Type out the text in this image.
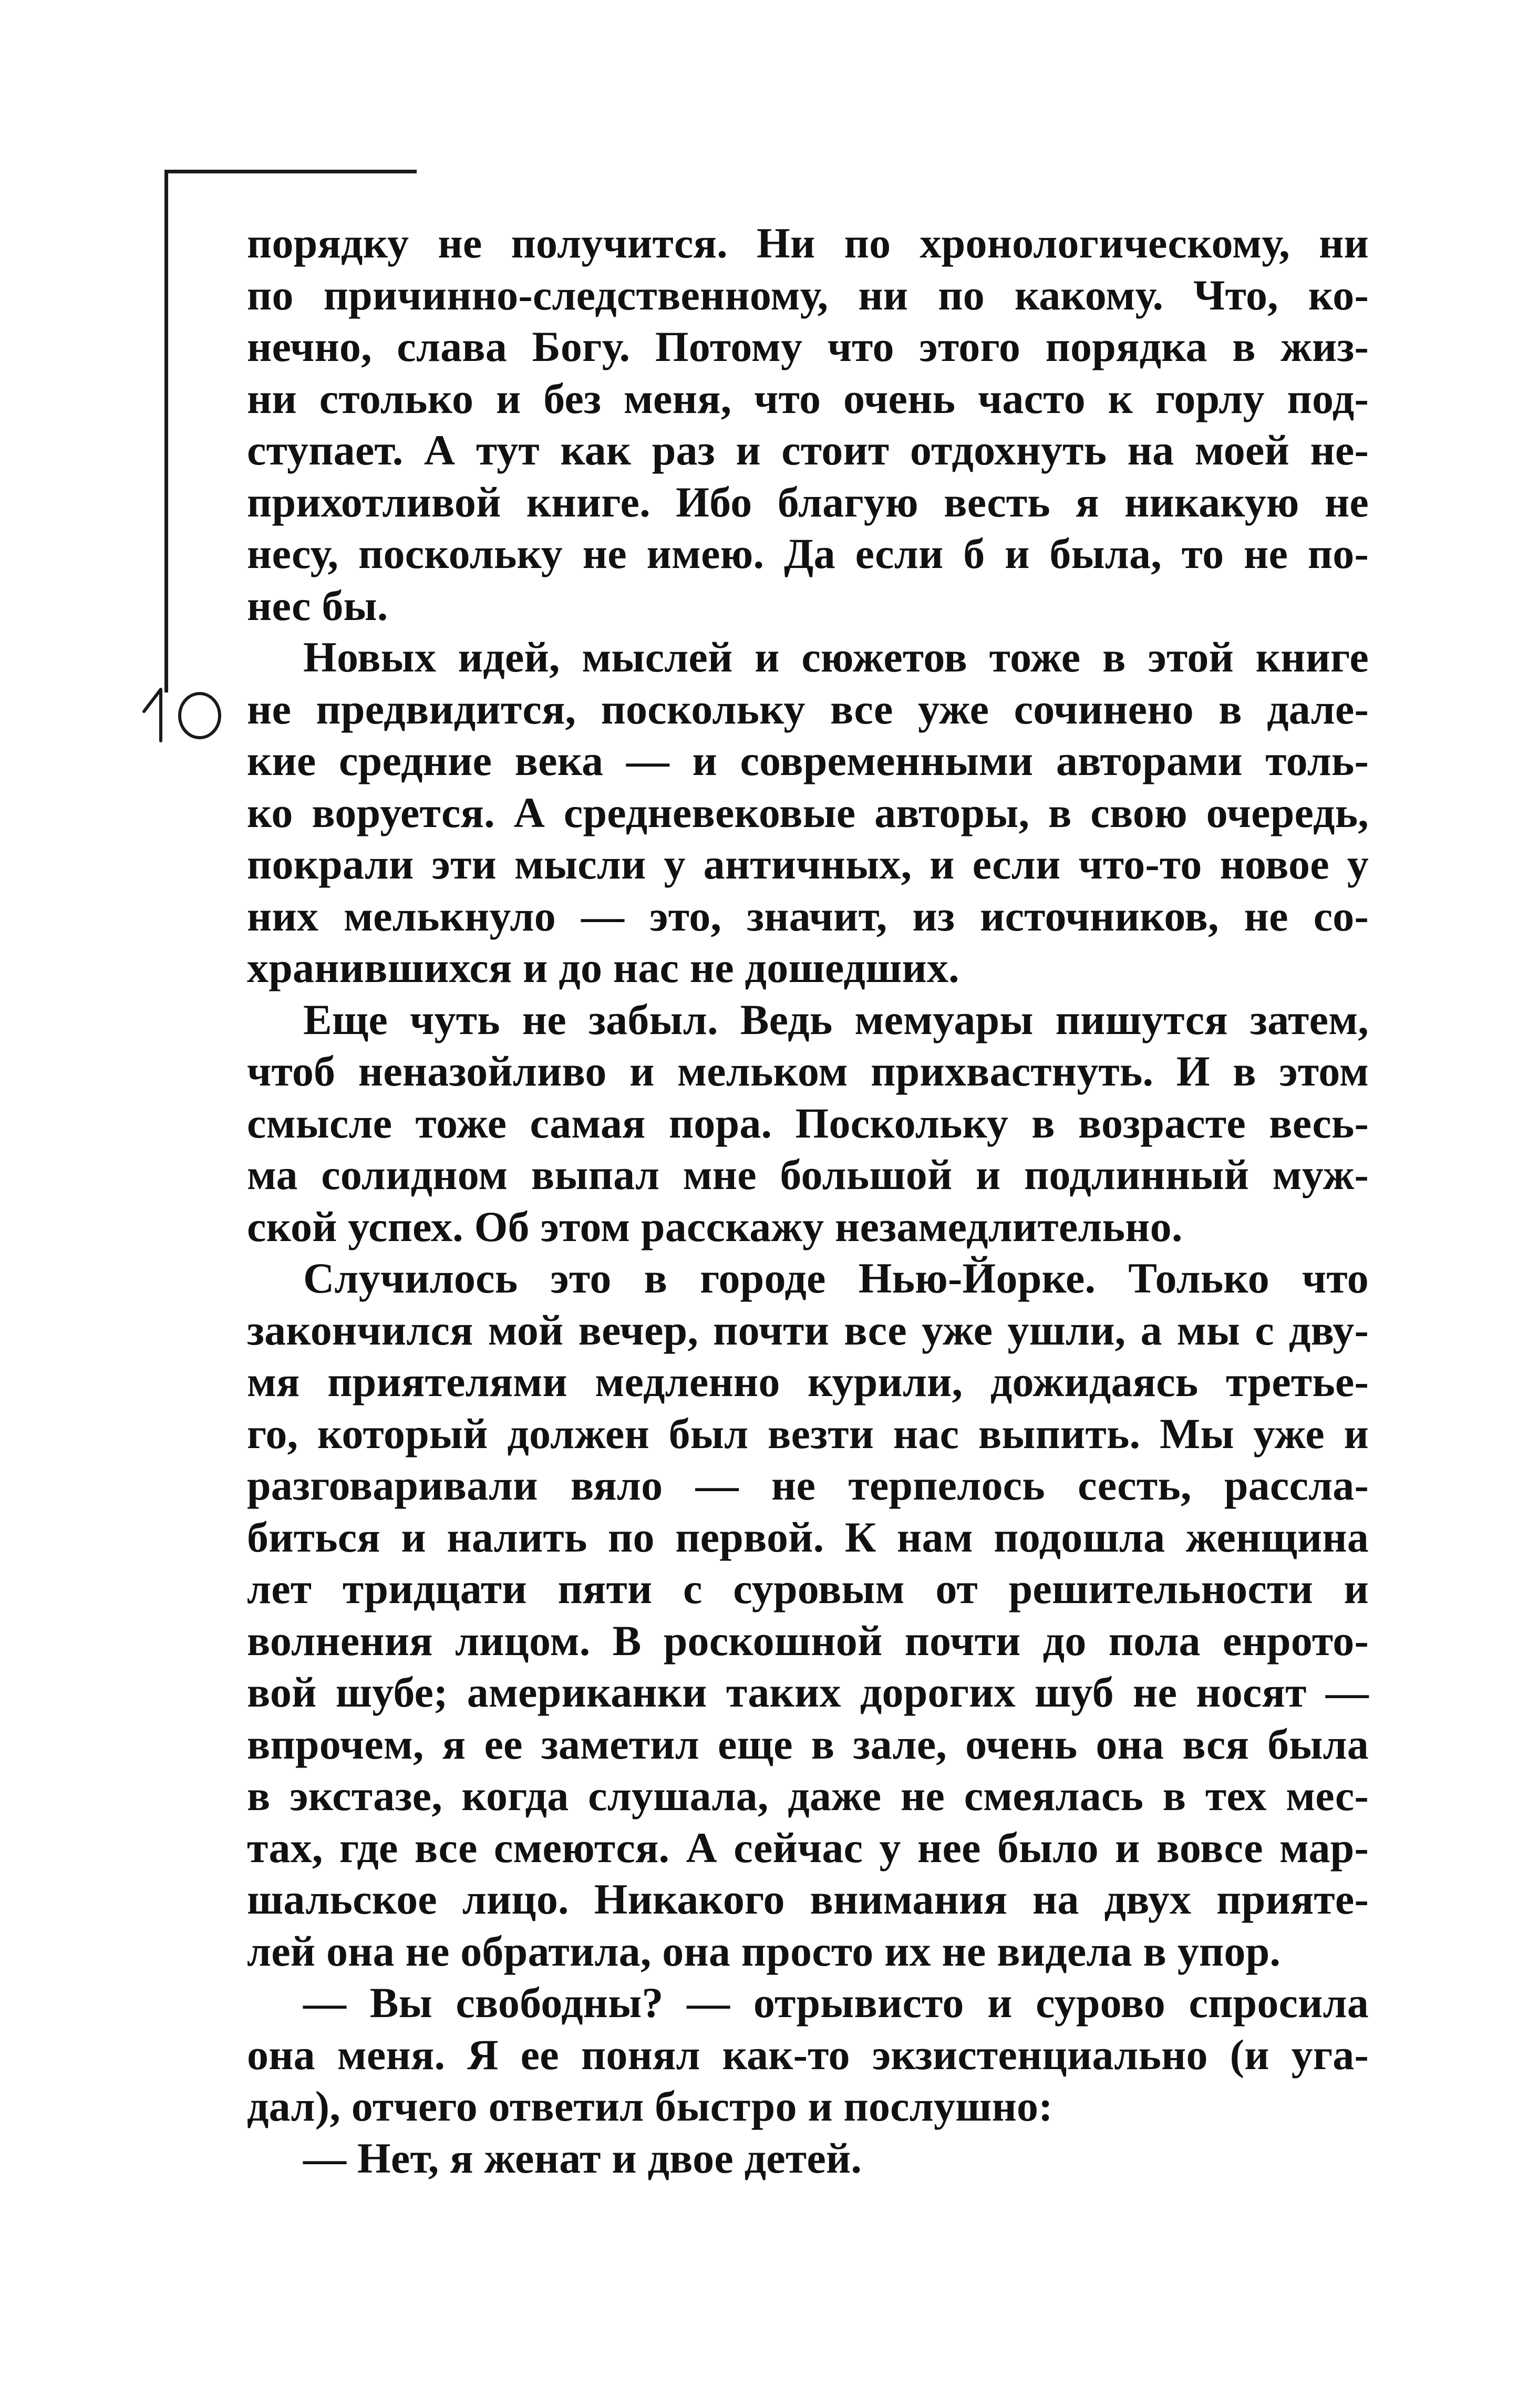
порядку не получится. Ни по хронологическому, ни
по причинно-следственному, ни по какому. Что, ко-
нечно, слава Богу. Потому что этого порядка в жиз-
ни столько и без меня, что очень часто к горлу под-
ступает. А тут как раз и стоит отдохнуть на моей не-
прихотливой книге. Ибо благую весть я никакую не
несу, поскольку не имею. Да если б и была, то не по-
нес бы.
Новых идей, мыслей и сюжетов тоже в этой книге
не предвидится, поскольку все уже сочинено в дале-
кие средние века — и современными авторами толь-
ко воруется. А средневековые авторы, в свою очередь,
покрали эти мысли у античных, и если что-то новое у
них мелькнуло — это, значит, из источников, не со-
хранившихся и до нас не дошедших.
Еще чуть не забыл. Ведь мемуары пишутся затем,
чтоб неназойливо и мельком прихвастнуть. И в этом
смысле тоже самая пора. Поскольку в возрасте весь-
ма солидном выпал мне большой и подлинный муж-
ской успех. Об этом расскажу незамедлительно.
Случилось это в городе Нью-Йорке. Только что
закончился мой вечер, почти все уже ушли, а мы с дву-
мя приятелями медленно курили, дожидаясь третье-
го, который должен был везти нас выпить. Мы уже и
разговаривали вяло — не терпелось сесть, рассла-
биться и налить по первой. К нам подошла женщина
лет тридцати пяти с суровым от решительности и
волнения лицом. В роскошной почти до пола енрото-
вой шубе; американки таких дорогих шуб не носят —
впрочем, я ее заметил еще в зале, очень она вся была
в экстазе, когда слушала, даже не смеялась в тех мес-
тах, где все смеются. А сейчас у нее было и вовсе мар-
шальское лицо. Никакого внимания на двух прияте-
лей она не обратила, она просто их не видела в упор.
— Вы свободны? — отрывисто и сурово спросила
она меня. Я ее понял как-то экзистенциально (и уга-
дал), отчего ответил быстро и послушно:
— Нет, я женат и двое детей.
